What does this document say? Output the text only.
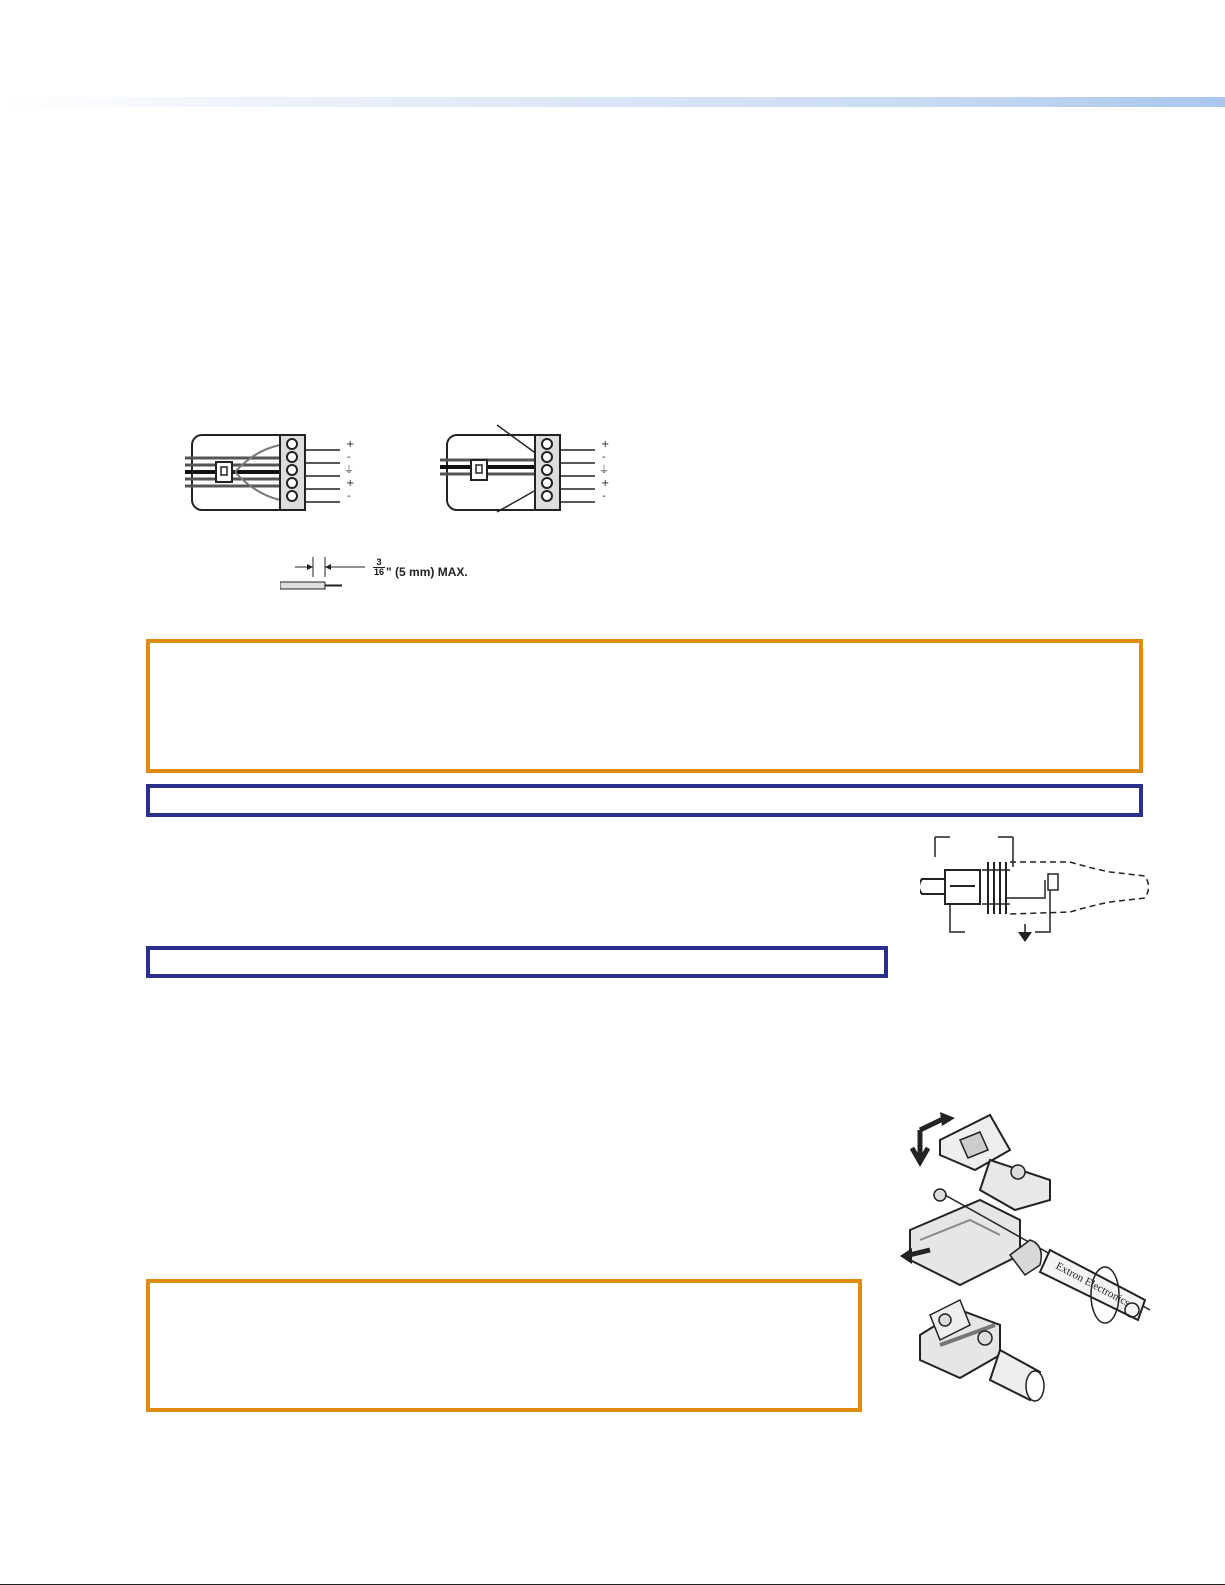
+
-
⏚
+
-
+
-
⏚
+
-
$\frac{3}{16}$ " (5 mm) MAX.
Extron Electronics
